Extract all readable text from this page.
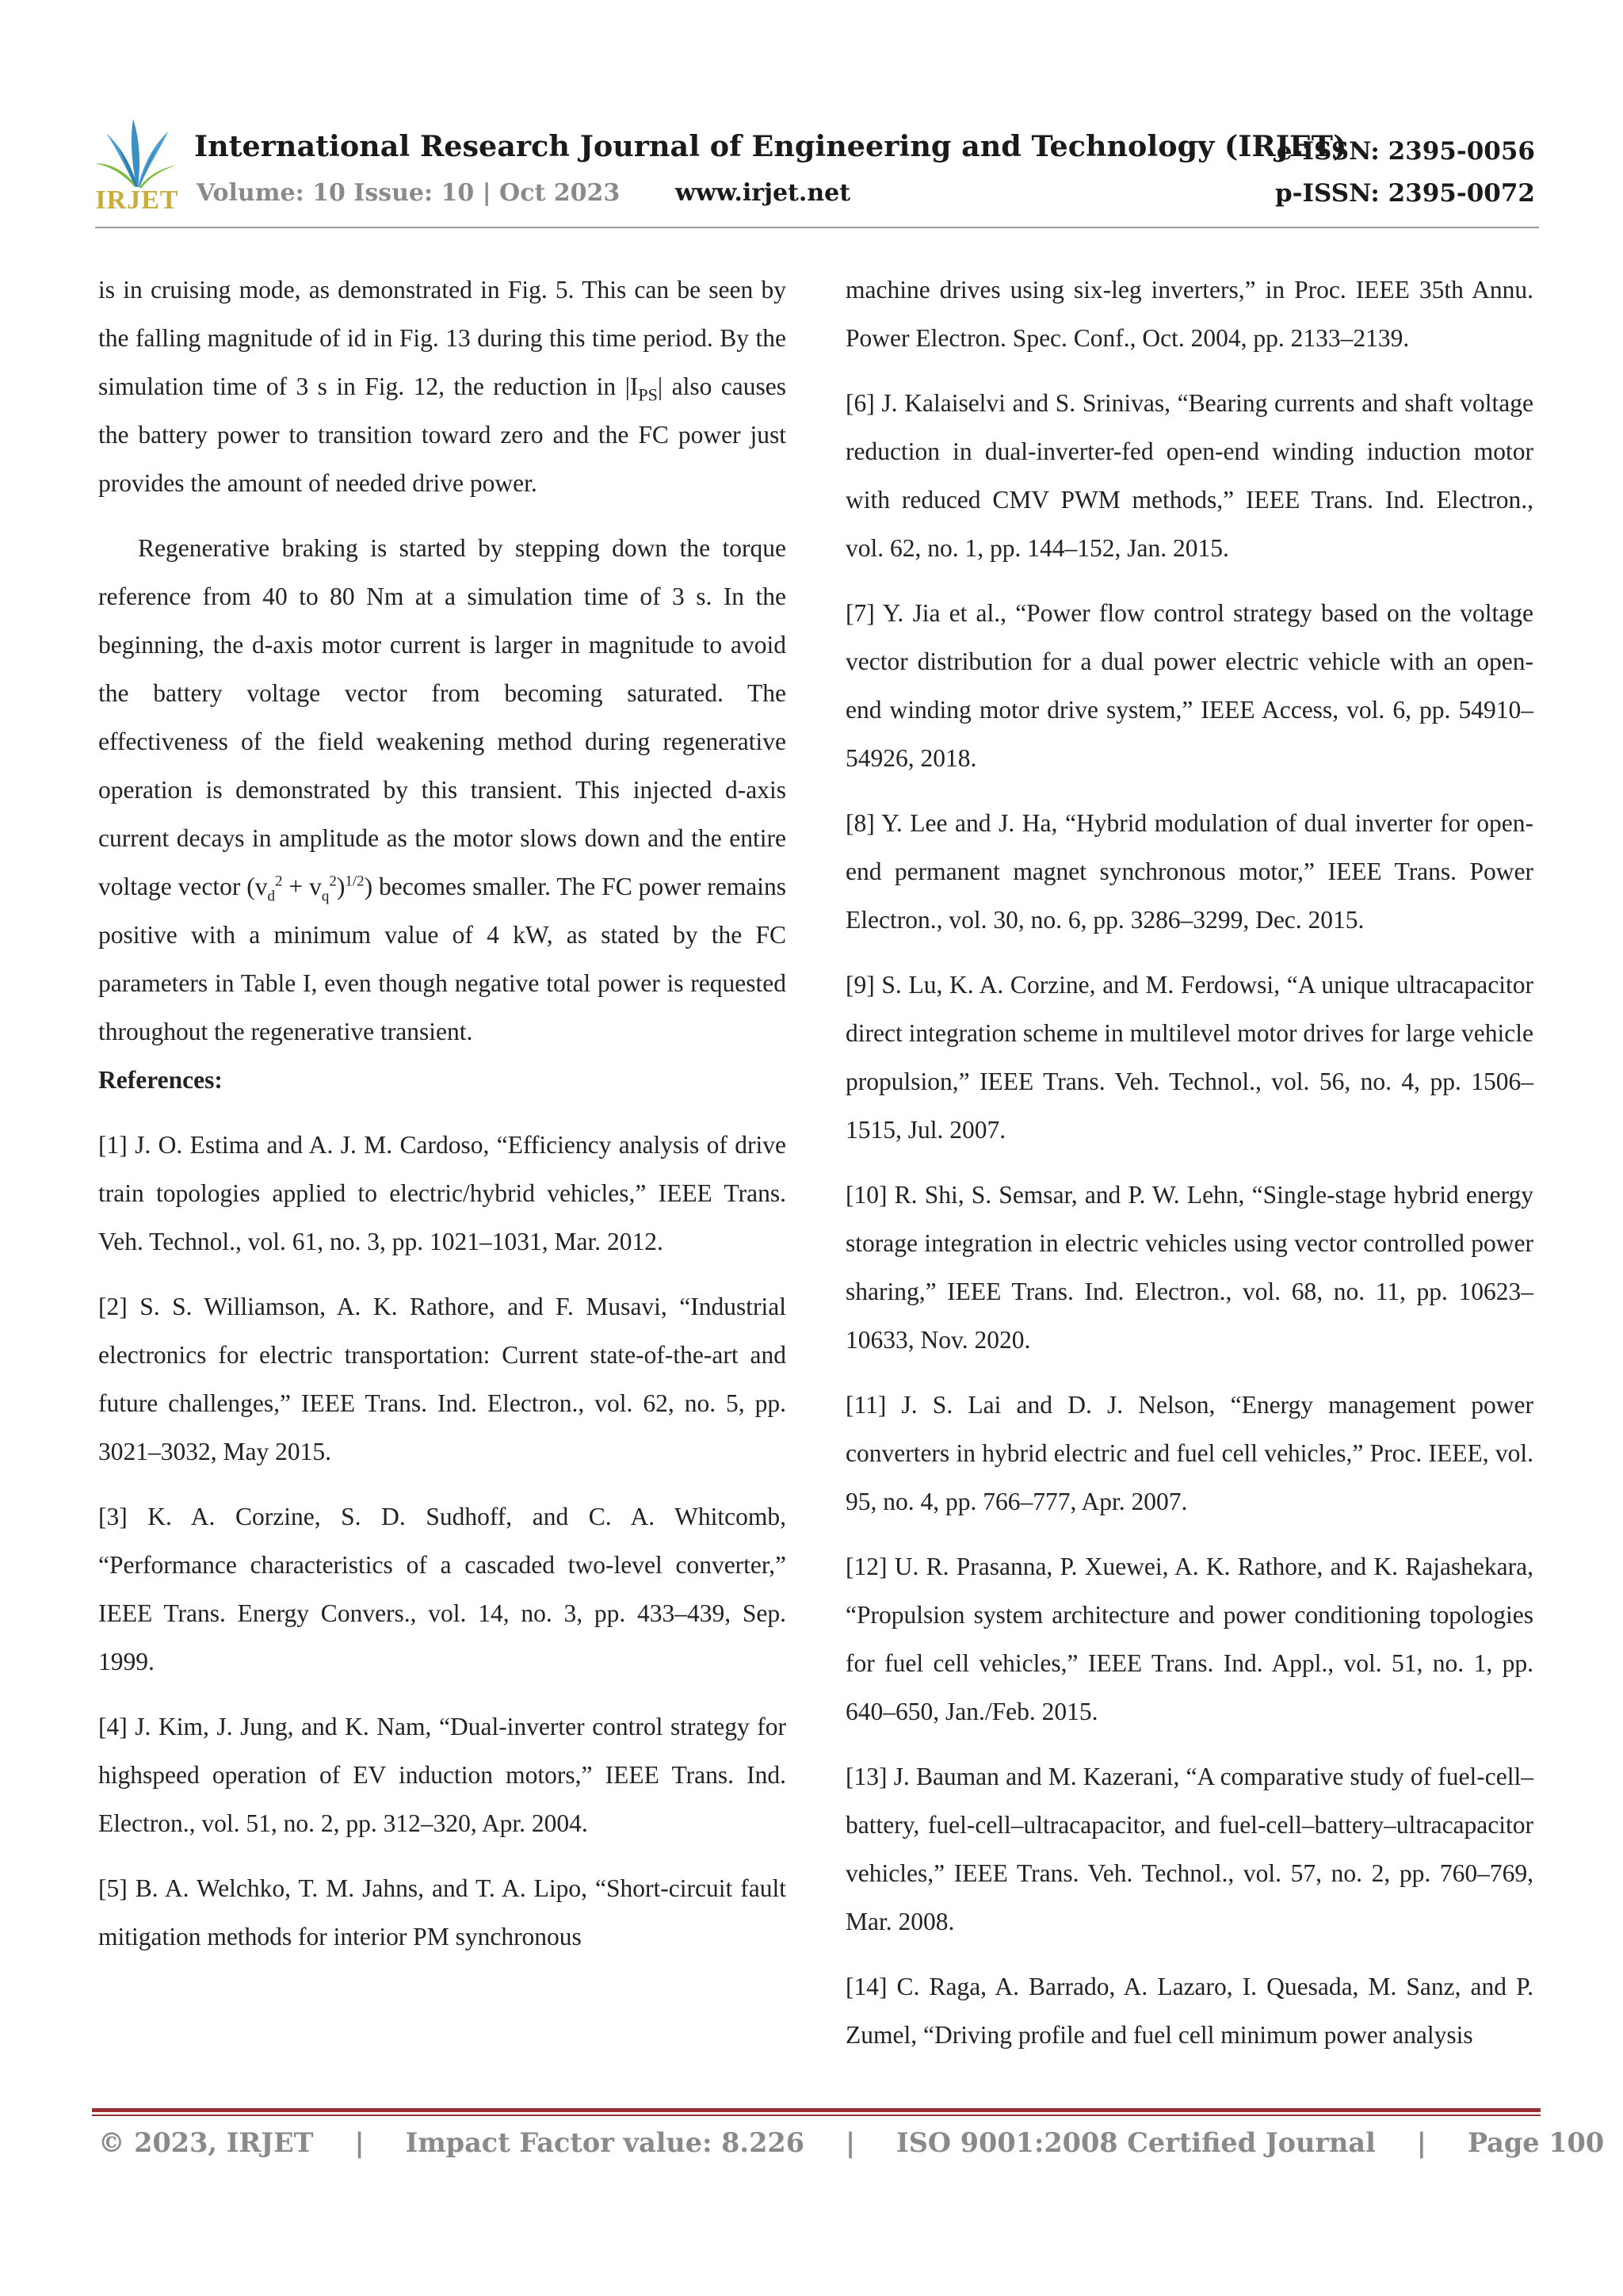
IRJET
International Research Journal of Engineering and Technology (IRJET)
Volume: 10 Issue: 10 | Oct 2023 www.irjet.net
e-ISSN: 2395-0056
p-ISSN: 2395-0072

is in cruising mode, as demonstrated in Fig. 5. This can be seen by the falling magnitude of id in Fig. 13 during this time period. By the simulation time of 3 s in Fig. 12, the reduction in $|I_{PS}|$ also causes the battery power to transition toward zero and the FC power just provides the amount of needed drive power.

Regenerative braking is started by stepping down the torque reference from 40 to 80 Nm at a simulation time of 3 s. In the beginning, the d-axis motor current is larger in magnitude to avoid the battery voltage vector from becoming saturated. The effectiveness of the field weakening method during regenerative operation is demonstrated by this transient. This injected d-axis current decays in amplitude as the motor slows down and the entire voltage vector $(v_d^2 + v_q^2)^{1/2}$) becomes smaller. The FC power remains positive with a minimum value of 4 kW, as stated by the FC parameters in Table I, even though negative total power is requested throughout the regenerative transient.

References:

[1] J. O. Estima and A. J. M. Cardoso, “Efficiency analysis of drive train topologies applied to electric/hybrid vehicles,” IEEE Trans. Veh. Technol., vol. 61, no. 3, pp. 1021–1031, Mar. 2012.

[2] S. S. Williamson, A. K. Rathore, and F. Musavi, “Industrial electronics for electric transportation: Current state-of-the-art and future challenges,” IEEE Trans. Ind. Electron., vol. 62, no. 5, pp. 3021–3032, May 2015.

[3] K. A. Corzine, S. D. Sudhoff, and C. A. Whitcomb, “Performance characteristics of a cascaded two-level converter,” IEEE Trans. Energy Convers., vol. 14, no. 3, pp. 433–439, Sep. 1999.

[4] J. Kim, J. Jung, and K. Nam, “Dual-inverter control strategy for highspeed operation of EV induction motors,” IEEE Trans. Ind. Electron., vol. 51, no. 2, pp. 312–320, Apr. 2004.

[5] B. A. Welchko, T. M. Jahns, and T. A. Lipo, “Short-circuit fault mitigation methods for interior PM synchronous

machine drives using six-leg inverters,” in Proc. IEEE 35th Annu. Power Electron. Spec. Conf., Oct. 2004, pp. 2133–2139.

[6] J. Kalaiselvi and S. Srinivas, “Bearing currents and shaft voltage reduction in dual-inverter-fed open-end winding induction motor with reduced CMV PWM methods,” IEEE Trans. Ind. Electron., vol. 62, no. 1, pp. 144–152, Jan. 2015.

[7] Y. Jia et al., “Power flow control strategy based on the voltage vector distribution for a dual power electric vehicle with an open-end winding motor drive system,” IEEE Access, vol. 6, pp. 54910–54926, 2018.

[8] Y. Lee and J. Ha, “Hybrid modulation of dual inverter for open-end permanent magnet synchronous motor,” IEEE Trans. Power Electron., vol. 30, no. 6, pp. 3286–3299, Dec. 2015.

[9] S. Lu, K. A. Corzine, and M. Ferdowsi, “A unique ultracapacitor direct integration scheme in multilevel motor drives for large vehicle propulsion,” IEEE Trans. Veh. Technol., vol. 56, no. 4, pp. 1506–1515, Jul. 2007.

[10] R. Shi, S. Semsar, and P. W. Lehn, “Single-stage hybrid energy storage integration in electric vehicles using vector controlled power sharing,” IEEE Trans. Ind. Electron., vol. 68, no. 11, pp. 10623–10633, Nov. 2020.

[11] J. S. Lai and D. J. Nelson, “Energy management power converters in hybrid electric and fuel cell vehicles,” Proc. IEEE, vol. 95, no. 4, pp. 766–777, Apr. 2007.

[12] U. R. Prasanna, P. Xuewei, A. K. Rathore, and K. Rajashekara, “Propulsion system architecture and power conditioning topologies for fuel cell vehicles,” IEEE Trans. Ind. Appl., vol. 51, no. 1, pp. 640–650, Jan./Feb. 2015.

[13] J. Bauman and M. Kazerani, “A comparative study of fuel-cell–battery, fuel-cell–ultracapacitor, and fuel-cell–battery–ultracapacitor vehicles,” IEEE Trans. Veh. Technol., vol. 57, no. 2, pp. 760–769, Mar. 2008.

[14] C. Raga, A. Barrado, A. Lazaro, I. Quesada, M. Sanz, and P. Zumel, “Driving profile and fuel cell minimum power analysis

© 2023, IRJET | Impact Factor value: 8.226 | ISO 9001:2008 Certified Journal | Page 100
